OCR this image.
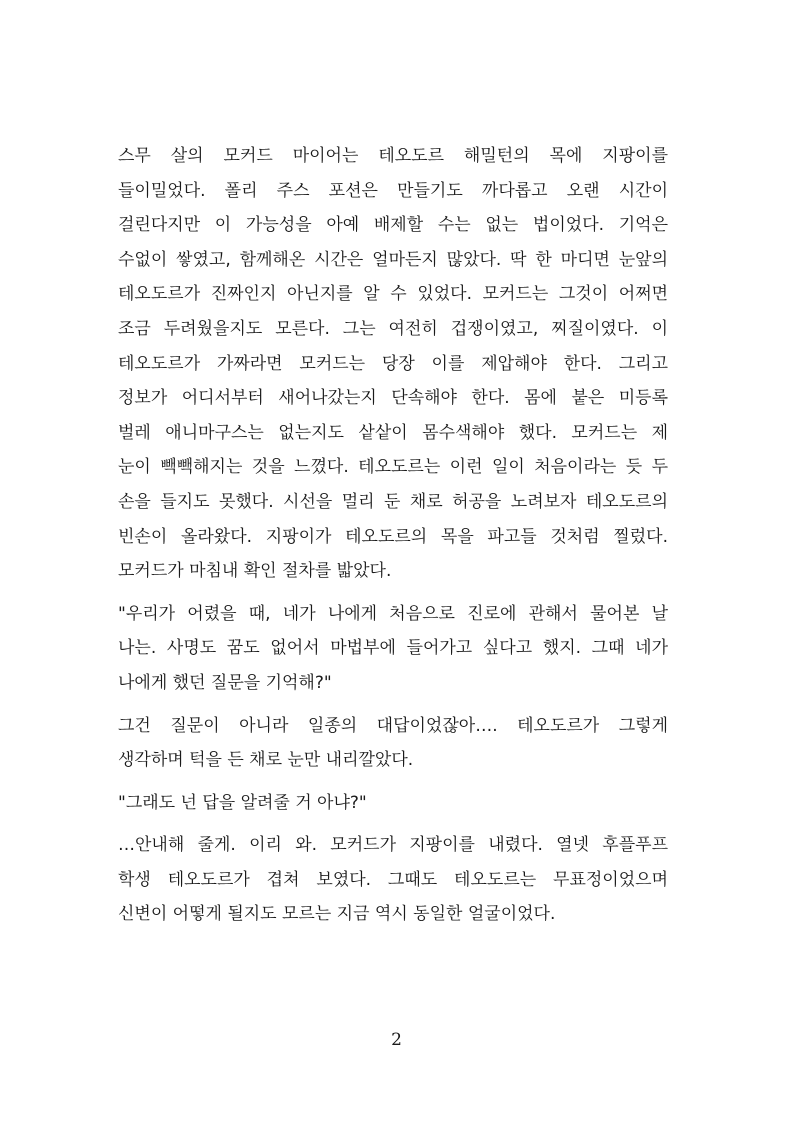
스무 살의 모커드 마이어는 테오도르 해밀턴의 목에 지팡이를
들이밀었다. 폴리 주스 포션은 만들기도 까다롭고 오랜 시간이
걸린다지만 이 가능성을 아예 배제할 수는 없는 법이었다. 기억은
수없이 쌓였고, 함께해온 시간은 얼마든지 많았다. 딱 한 마디면 눈앞의
테오도르가 진짜인지 아닌지를 알 수 있었다. 모커드는 그것이 어쩌면
조금 두려웠을지도 모른다. 그는 여전히 겁쟁이였고, 찌질이였다. 이
테오도르가 가짜라면 모커드는 당장 이를 제압해야 한다. 그리고
정보가 어디서부터 새어나갔는지 단속해야 한다. 몸에 붙은 미등록
벌레 애니마구스는 없는지도 샅샅이 몸수색해야 했다. 모커드는 제
눈이 빽빽해지는 것을 느꼈다. 테오도르는 이런 일이 처음이라는 듯 두
손을 들지도 못했다. 시선을 멀리 둔 채로 허공을 노려보자 테오도르의
빈손이 올라왔다. 지팡이가 테오도르의 목을 파고들 것처럼 찔렀다.
모커드가 마침내 확인 절차를 밟았다.

"우리가 어렸을 때, 네가 나에게 처음으로 진로에 관해서 물어본 날
나는. 사명도 꿈도 없어서 마법부에 들어가고 싶다고 했지. 그때 네가
나에게 했던 질문을 기억해?"

그건 질문이 아니라 일종의 대답이었잖아…. 테오도르가 그렇게
생각하며 턱을 든 채로 눈만 내리깔았다.

"그래도 넌 답을 알려줄 거 아냐?"

…안내해 줄게. 이리 와. 모커드가 지팡이를 내렸다. 열넷 후플푸프
학생 테오도르가 겹쳐 보였다. 그때도 테오도르는 무표정이었으며
신변이 어떻게 될지도 모르는 지금 역시 동일한 얼굴이었다.

2
